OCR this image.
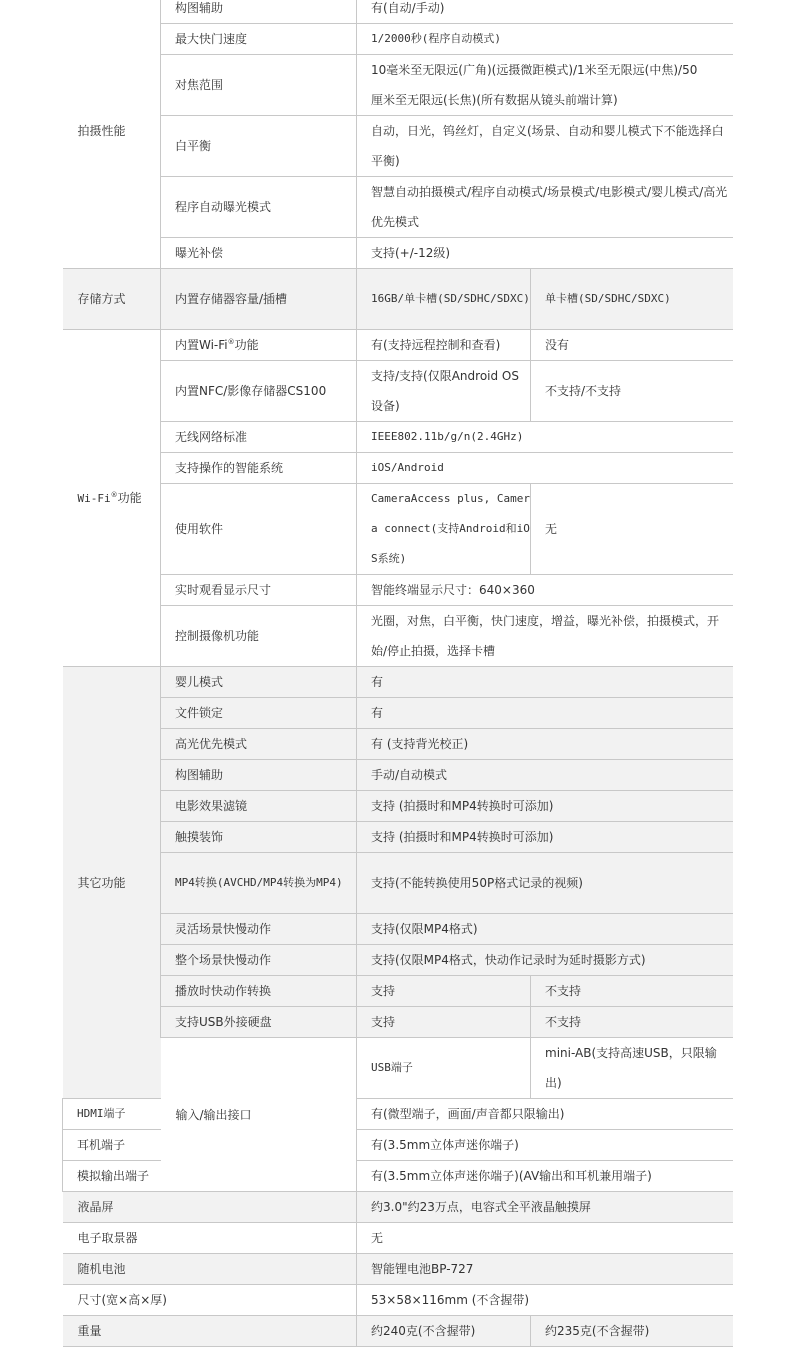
拍摄性能	构图辅助	有(自动/手动)	
	最大快门速度	1/2000秒(程序自动模式)	
	对焦范围	10毫米至无限远(广角)(远摄微距模式)/1米至无限远(中焦)/50厘米至无限远(长焦)(所有数据从镜头前端计算)	
	白平衡	自动，日光，钨丝灯，自定义(场景、自动和婴儿模式下不能选择白平衡)	
	程序自动曝光模式	智慧自动拍摄模式/程序自动模式/场景模式/电影模式/婴儿模式/高光优先模式	
	曝光补偿	支持(+/-12级)	
存储方式	内置存储器容量/插槽	16GB/单卡槽(SD/SDHC/SDXC)	单卡槽(SD/SDHC/SDXC)
Wi-Fi®功能	内置Wi-Fi®功能	有(支持远程控制和查看)	没有
	内置NFC/影像存储器CS100	支持/支持(仅限Android OS设备)	不支持/不支持
	无线网络标准	IEEE802.11b/g/n(2.4GHz)	
	支持操作的智能系统	iOS/Android	
	使用软件	CameraAccess plus, Camera connect(支持Android和iOS系统)	无
	实时观看显示尺寸	智能终端显示尺寸：640×360	
	控制摄像机功能	光圈，对焦，白平衡，快门速度，增益，曝光补偿，拍摄模式，开始/停止拍摄，选择卡槽	
其它功能	婴儿模式	有	
	文件锁定	有	
	高光优先模式	有 (支持背光校正)	
	构图辅助	手动/自动模式	
	电影效果滤镜	支持 (拍摄时和MP4转换时可添加)	
	触摸装饰	支持 (拍摄时和MP4转换时可添加)	
	MP4转换(AVCHD/MP4转换为MP4)	支持(不能转换使用50P格式记录的视频)	
	灵活场景快慢动作	支持(仅限MP4格式)	
	整个场景快慢动作	支持(仅限MP4格式，快动作记录时为延时摄影方式)	
	播放时快动作转换	支持	不支持
	支持USB外接硬盘	支持	不支持
	输入/输出接口	USB端子	mini-AB(支持高速USB，只限输出)
HDMI端子		有(微型端子，画面/声音都只限输出)	
耳机端子		有(3.5mm立体声迷你端子)	
模拟输出端子		有(3.5mm立体声迷你端子)(AV输出和耳机兼用端子)	
液晶屏		约3.0"约23万点，电容式全平液晶触摸屏	
电子取景器		无	
随机电池		智能锂电池BP-727	
尺寸(宽×高×厚)		53×58×116mm (不含握带)	
重量		约240克(不含握带)	约235克(不含握带)
